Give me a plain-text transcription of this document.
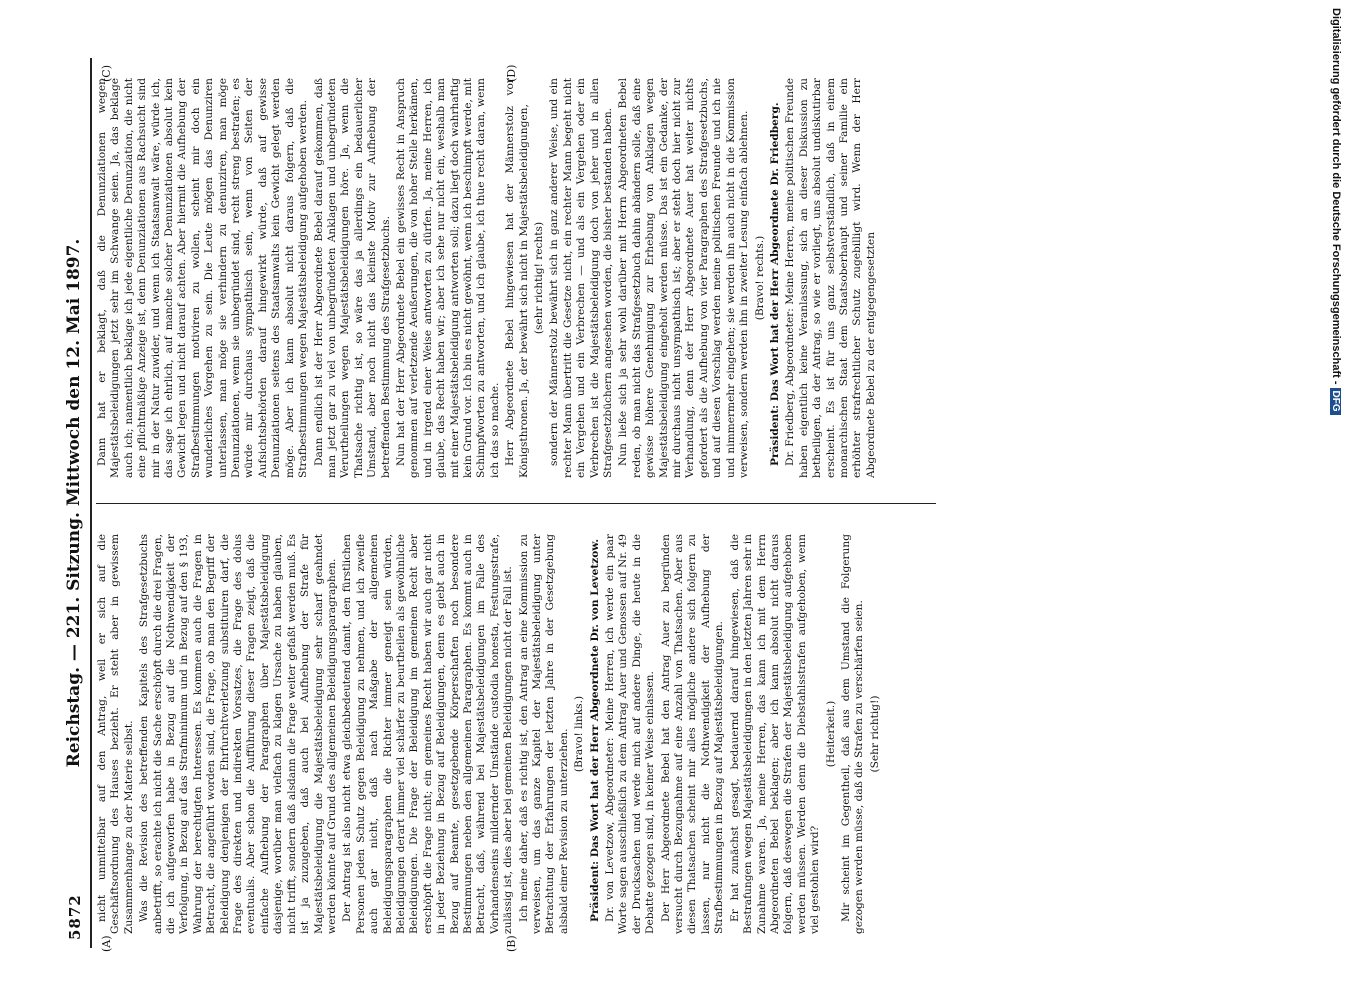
5872
Reichstag. — 221. Sitzung. Mittwoch den 12. Mai 1897.
(A)	(B)
(C)	(D)

nicht unmittelbar auf den Antrag, weil er sich auf die Geschäftsordnung des Hauses bezieht. Er steht aber in gewissem Zusammenhange zu der Materie selbst. Was die Revision des betreffenden Kapitels des Strafgesetzbuchs anbetrifft, so erachte ich nicht die Sache erschöpft durch die drei Fragen, die ich aufgeworfen habe in Bezug auf die Nothwendigkeit der Verfolgung, in Bezug auf das Strafminimum und in Bezug auf den § 193, Wahrung der berechtigten Interessen. Es kommen auch die Fragen in Betracht, die angeführt worden sind, die Frage, ob man den Begriff der Beleidigung denjenigen der Ehrfurchtverletzung substituiren darf, die Frage des direkten und indirekten Vorsatzes, die Frage des dolus eventualis. Aber schon die Aufführung dieser Fragen zeigt, daß die einfache Aufhebung der Paragraphen über Majestätsbeleidigung dasjenige, worüber man vielfach zu klagen Ursache zu haben glauben, nicht trifft, sondern daß alsdann die Frage weiter gefaßt werden muß. Es ist ja zuzugeben, daß auch bei Aufhebung der Strafe für Majestätsbeleidigung die Majestätsbeleidigung sehr scharf geahndet werden könnte auf Grund des allgemeinen Beleidigungsparagraphen. Der Antrag ist also nicht etwa gleichbedeutend damit, den fürstlichen Personen jeden Schutz gegen Beleidigung zu nehmen, und ich zweifle auch gar nicht, daß nach Maßgabe der allgemeinen Beleidigungsparagraphen die Richter immer geneigt sein würden, Beleidigungen derart immer viel schärfer zu beurtheilen als gewöhnliche Beleidigungen. Die Frage der Beleidigung im gemeinen Recht aber erschöpft die Frage nicht; ein gemeines Recht haben wir auch gar nicht in jeder Beziehung in Bezug auf Beleidigungen, denn es giebt auch in Bezug auf Beamte, gesetzgebende Körperschaften noch besondere Bestimmungen neben den allgemeinen Paragraphen. Es kommt auch in Betracht, daß, während bei Majestätsbeleidigungen im Falle des Vorhandenseins mildernder Umstände custodia honesta, Festungsstrafe, zulässig ist, dies aber bei gemeinen Beleidigungen nicht der Fall ist. Ich meine daher, daß es richtig ist, den Antrag an eine Kommission zu verweisen, um das ganze Kapitel der Majestätsbeleidigung unter Betrachtung der Erfahrungen der letzten Jahre in der Gesetzgebung alsbald einer Revision zu unterziehen. (Bravo! links.) Präsident: Das Wort hat der Herr Abgeordnete Dr. von Levetzow. Dr. von Levetzow, Abgeordneter: Meine Herren, ich werde ein paar Worte sagen ausschließlich zu dem Antrag Auer und Genossen auf Nr. 49 der Drucksachen und werde mich auf andere Dinge, die heute in die Debatte gezogen sind, in keiner Weise einlassen. Der Herr Abgeordnete Bebel hat den Antrag Auer zu begründen versucht durch Bezugnahme auf eine Anzahl von Thatsachen. Aber aus diesen Thatsachen scheint mir alles mögliche andere sich folgern zu lassen, nur nicht die Nothwendigkeit der Aufhebung der Strafbestimmungen in Bezug auf Majestätsbeleidigungen. Er hat zunächst gesagt, bedauernd darauf hingewiesen, daß die Bestrafungen wegen Majestätsbeleidigungen in den letzten Jahren sehr in Zunahme waren. Ja, meine Herren, das kann ich mit dem Herrn Abgeordneten Bebel beklagen; aber ich kann absolut nicht daraus folgern, daß deswegen die Strafen der Majestätsbeleidigung aufgehoben werden müssen. Werden denn die Diebstahlsstrafen aufgehoben, wenn viel gestohlen wird?

(Heiterkeit.) Mir scheint im Gegentheil, daß aus dem Umstand die Folgerung gezogen werden müsse, daß die Strafen zu verschärfen seien. (Sehr richtig!)

Dann hat er beklagt, daß die Denunziationen wegen Majestätsbeleidigungen jetzt sehr im Schwange seien. Ja, das beklage auch ich; namentlich beklage ich jede eigentliche Denunziation, die nicht eine pflichtmäßige Anzeige ist, denn Denunziationen aus Rachsucht sind mir in der Natur zuwider, und wenn ich Staatsanwalt wäre, würde ich, das sage ich ehrlich, auf manche solcher Denunziationen absolut kein Gewicht legen und nicht darauf achten. Aber hiermit die Aufhebung der Strafbestimmungen motiviren zu wollen, scheint mir doch ein wunderliches Vorgehen zu sein. Die Leute mögen das Denunziren unterlassen, man möge sie verhindern zu denunziren, man möge Denunziationen, wenn sie unbegründet sind, recht streng bestrafen; es würde mir durchaus sympathisch sein, wenn von Seiten der Aufsichtsbehörden darauf hingewirkt würde, daß auf gewisse Denunziationen seitens des Staatsanwalts kein Gewicht gelegt werden möge. Aber ich kann absolut nicht daraus folgern, daß die Strafbestimmungen wegen Majestätsbeleidigung aufgehoben werden. Dann endlich ist der Herr Abgeordnete Bebel darauf gekommen, daß man jetzt gar zu viel von unbegründeten Anklagen und unbegründeten Verurtheilungen wegen Majestätsbeleidigungen höre. Ja, wenn die Thatsache richtig ist, so wäre das ja allerdings ein bedauerlicher Umstand, aber noch nicht das kleinste Motiv zur Aufhebung der betreffenden Bestimmung des Strafgesetzbuchs. Nun hat der Herr Abgeordnete Bebel ein gewisses Recht in Anspruch genommen auf verletzende Aeußerungen, die von hoher Stelle herkämen, und in irgend einer Weise antworten zu dürfen. Ja, meine Herren, ich glaube, das Recht haben wir; aber ich sehe nur nicht ein, weshalb man mit einer Majestätsbeleidigung antworten soll; dazu liegt doch wahrhaftig kein Grund vor. Ich bin es nicht gewöhnt, wenn ich beschimpft werde, mit Schimpfworten zu antworten, und ich glaube, ich thue recht daran, wenn ich das so mache. Herr Abgeordnete Bebel hingewiesen hat der Männerstolz vor Königsthronen. Ja, der bewährt sich nicht in Majestätsbeleidigungen, (sehr richtig! rechts) sondern der Männerstolz bewährt sich in ganz anderer Weise, und ein rechter Mann übertritt die Gesetze nicht, ein rechter Mann begeht nicht ein Vergehen und ein Verbrechen — und als ein Vergehen oder ein Verbrechen ist die Majestätsbeleidigung doch von jeher und in allen Strafgesetzbüchern angesehen worden, die bisher bestanden haben. Nun ließe sich ja sehr wohl darüber mit Herrn Abgeordneten Bebel reden, ob man nicht das Strafgesetzbuch dahin abändern solle, daß eine gewisse höhere Genehmigung zur Erhebung von Anklagen wegen Majestätsbeleidigung eingeholt werden müsse. Das ist ein Gedanke, der mir durchaus nicht unsympathisch ist; aber er steht doch hier nicht zur Verhandlung, denn der Herr Abgeordnete Auer hat weiter nichts gefordert als die Aufhebung von vier Paragraphen des Strafgesetzbuchs, und auf diesen Vorschlag werden meine politischen Freunde und ich nie und nimmermehr eingehen; sie werden ihn auch nicht in die Kommission verweisen, sondern werden ihn in zweiter Lesung einfach ablehnen. (Bravo! rechts.) Präsident: Das Wort hat der Herr Abgeordnete Dr. Friedberg. Dr. Friedberg, Abgeordneter: Meine Herren, meine politischen Freunde haben eigentlich keine Veranlassung, sich an dieser Diskussion zu betheiligen, da der Antrag, so wie er vorliegt, uns absolut undiskutirbar erscheint. Es ist für uns ganz selbstverständlich, daß in einem monarchischen Staat dem Staatsoberhaupt und seiner Familie ein erhöhter strafrechtlicher Schutz zugebilligt wird. Wenn der Herr Abgeordnete Bebel zu der entgegengesetzten	Digitalisierung gefördert durch die Deutsche Forschungsgemeinschaft -DFG
